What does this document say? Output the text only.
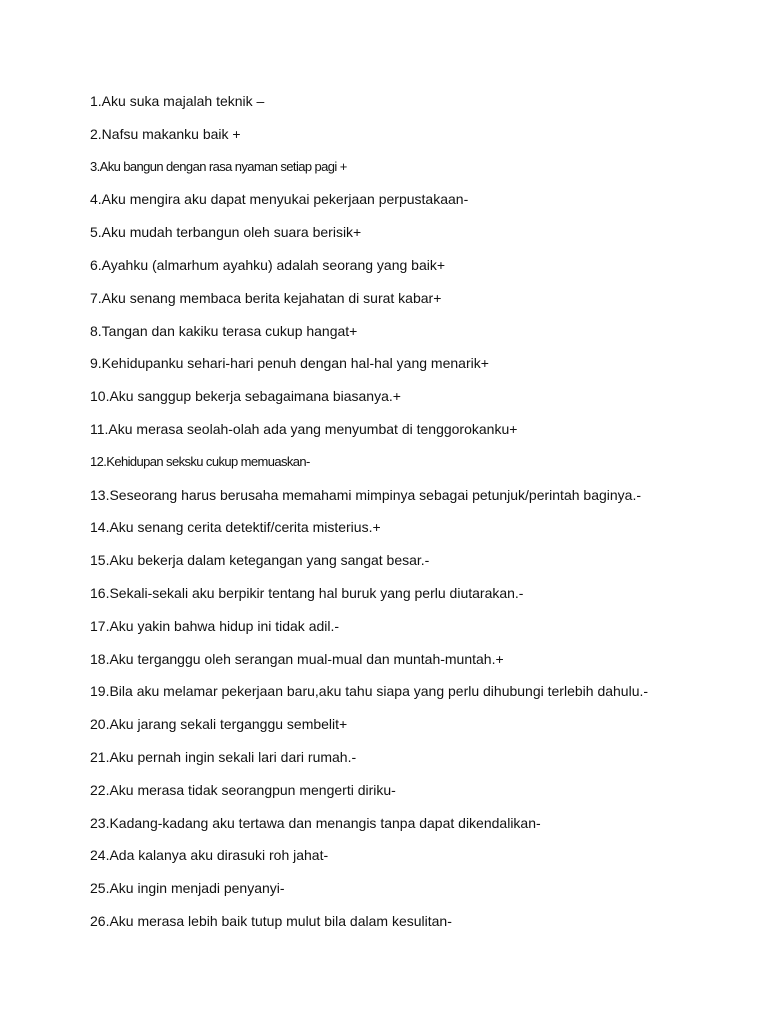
1.Aku suka majalah teknik –
2.Nafsu makanku baik +
3.Aku bangun dengan rasa nyaman setiap pagi +
4.Aku mengira aku dapat menyukai pekerjaan perpustakaan-
5.Aku mudah terbangun oleh suara berisik+
6.Ayahku (almarhum ayahku) adalah seorang yang baik+
7.Aku senang membaca berita kejahatan di surat kabar+
8.Tangan dan kakiku terasa cukup hangat+
9.Kehidupanku sehari-hari penuh dengan hal-hal yang menarik+
10.Aku sanggup bekerja sebagaimana biasanya.+
11.Aku merasa seolah-olah ada yang menyumbat di tenggorokanku+
12.Kehidupan seksku cukup memuaskan-
13.Seseorang harus berusaha memahami mimpinya sebagai petunjuk/perintah baginya.-
14.Aku senang cerita detektif/cerita misterius.+
15.Aku bekerja dalam ketegangan yang sangat besar.-
16.Sekali-sekali aku berpikir tentang hal buruk yang perlu diutarakan.-
17.Aku yakin bahwa hidup ini tidak adil.-
18.Aku terganggu oleh serangan mual-mual dan muntah-muntah.+
19.Bila aku melamar pekerjaan baru,aku tahu siapa yang perlu dihubungi terlebih dahulu.-
20.Aku jarang sekali terganggu sembelit+
21.Aku pernah ingin sekali lari dari rumah.-
22.Aku merasa tidak seorangpun mengerti diriku-
23.Kadang-kadang aku tertawa dan menangis tanpa dapat dikendalikan-
24.Ada kalanya aku dirasuki roh jahat-
25.Aku ingin menjadi penyanyi-
26.Aku merasa lebih baik tutup mulut bila dalam kesulitan-
